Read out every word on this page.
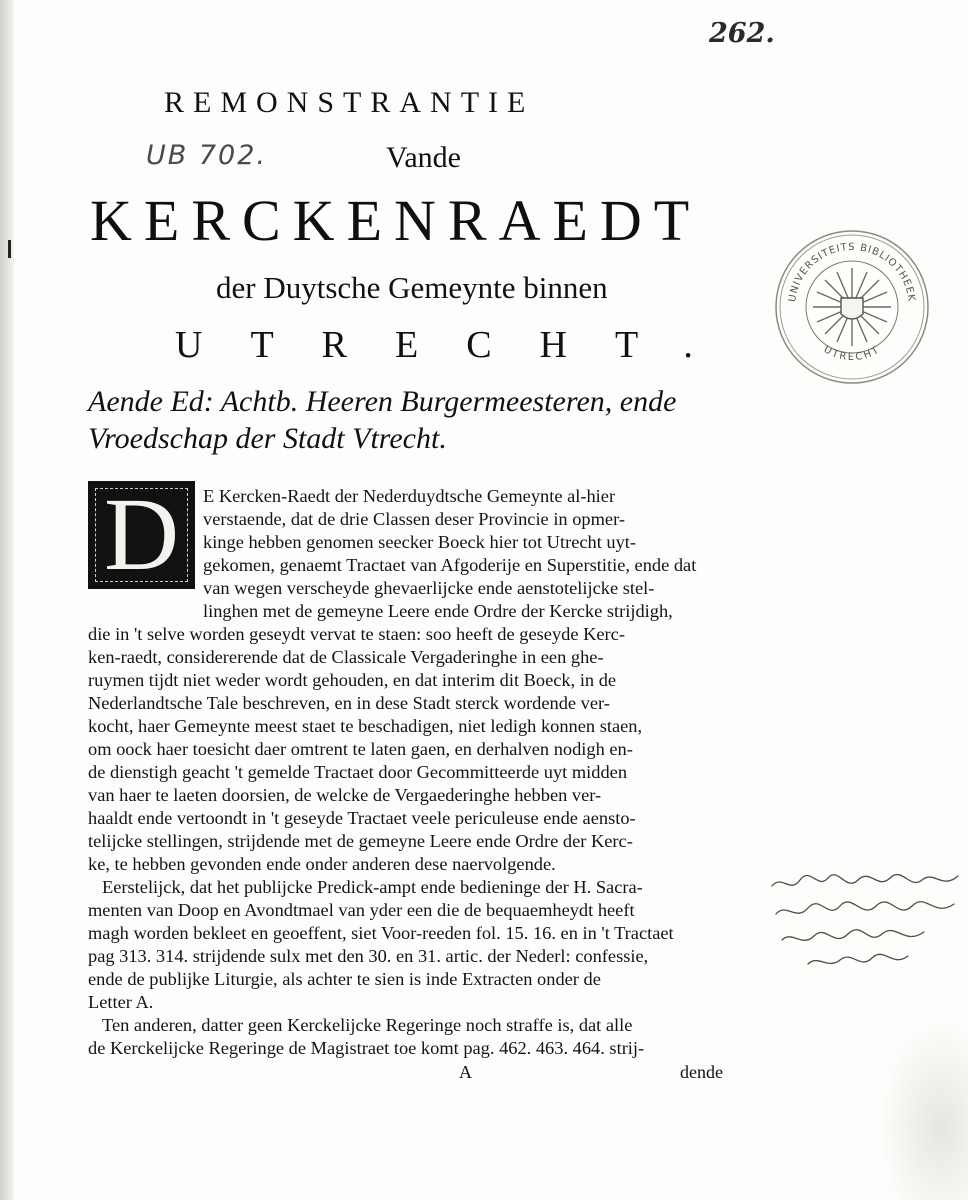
262.
REMONSTRANTIE
UB 702.	Vande
KERCKENRAEDT
der Duytsche Gemeynte binnen
UTRECHT.
Aende Ed: Achtb. Heeren Burgermeesteren, ende
Vroedschap der Stadt Vtrecht.
UNIVERSITEITS BIBLIOTHEEK
UTRECHT
D	E Kercken-Raedt der Nederduydtsche Gemeynte al-hier
verstaende, dat de drie Classen deser Provincie in opmer-
kinge hebben genomen seecker Boeck hier tot Utrecht uyt-
gekomen, genaemt Tractaet van Afgoderije en Superstitie, ende dat
van wegen verscheyde ghevaerlijcke ende aenstotelijcke stel-
linghen met de gemeyne Leere ende Ordre der Kercke strijdigh,
die in 't selve worden geseydt vervat te staen: soo heeft de geseyde Kerc-
ken-raedt, considererende dat de Classicale Vergaderinghe in een ghe-
ruymen tijdt niet weder wordt gehouden, en dat interim dit Boeck, in de
Nederlandtsche Tale beschreven, en in dese Stadt sterck wordende ver-
kocht, haer Gemeynte meest staet te beschadigen, niet ledigh konnen staen,
om oock haer toesicht daer omtrent te laten gaen, en derhalven nodigh en-
de dienstigh geacht 't gemelde Tractaet door Gecommitteerde uyt midden
van haer te laeten doorsien, de welcke de Vergaederinghe hebben ver-
haaldt ende vertoondt in 't geseyde Tractaet veele periculeuse ende aensto-
telijcke stellingen, strijdende met de gemeyne Leere ende Ordre der Kerc-
ke, te hebben gevonden ende onder anderen dese naervolgende.
Eerstelijck, dat het publijcke Predick-ampt ende bedieninge der H. Sacra-
menten van Doop en Avondtmael van yder een die de bequaemheydt heeft
magh worden bekleet en geoeffent, siet Voor-reeden fol. 15. 16. en in 't Tractaet
pag 313. 314. strijdende sulx met den 30. en 31. artic. der Nederl: confessie,
ende de publijke Liturgie, als achter te sien is inde Extracten onder de
Letter A.
Ten anderen, datter geen Kerckelijcke Regeringe noch straffe is, dat alle
de Kerckelijcke Regeringe de Magistraet toe komt pag. 462. 463. 464. strij-
A	dende
